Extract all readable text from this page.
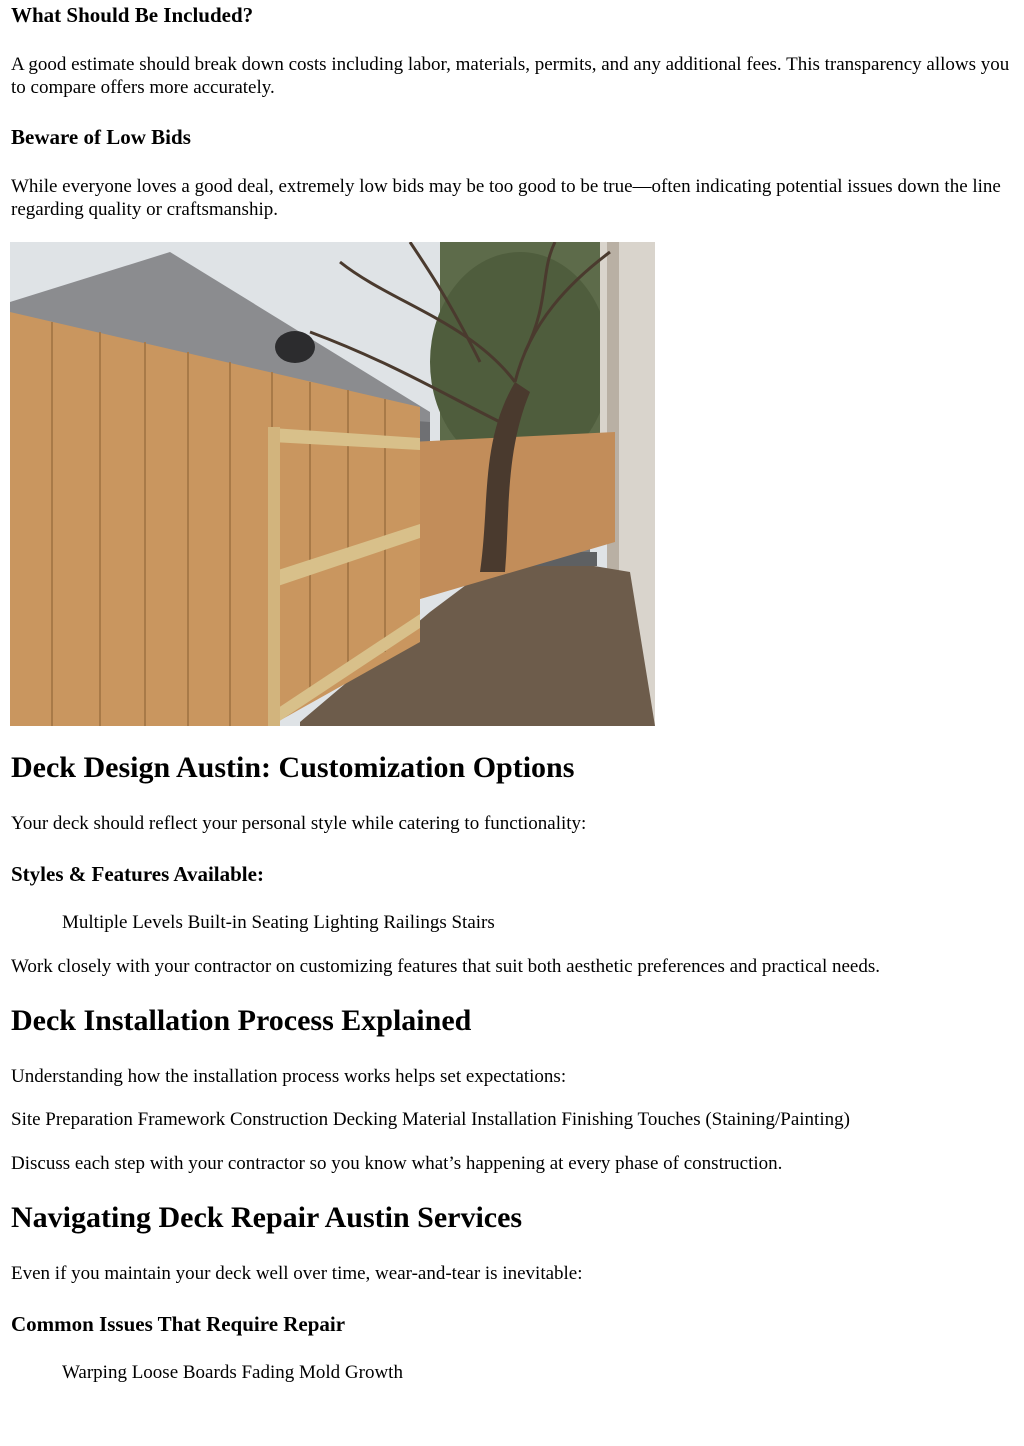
What Should Be Included?

A good estimate should break down costs including labor, materials, permits, and any additional fees. This transparency allows you to compare offers more accurately.

Beware of Low Bids

While everyone loves a good deal, extremely low bids may be too good to be true—often indicating potential issues down the line regarding quality or craftsmanship.

Deck Design Austin: Customization Options

Your deck should reflect your personal style while catering to functionality:

Styles & Features Available:

Multiple Levels Built-in Seating Lighting Railings Stairs

Work closely with your contractor on customizing features that suit both aesthetic preferences and practical needs.

Deck Installation Process Explained

Understanding how the installation process works helps set expectations:

Site Preparation Framework Construction Decking Material Installation Finishing Touches (Staining/Painting)

Discuss each step with your contractor so you know what’s happening at every phase of construction.

Navigating Deck Repair Austin Services

Even if you maintain your deck well over time, wear-and-tear is inevitable:

Common Issues That Require Repair

Warping Loose Boards Fading Mold Growth
